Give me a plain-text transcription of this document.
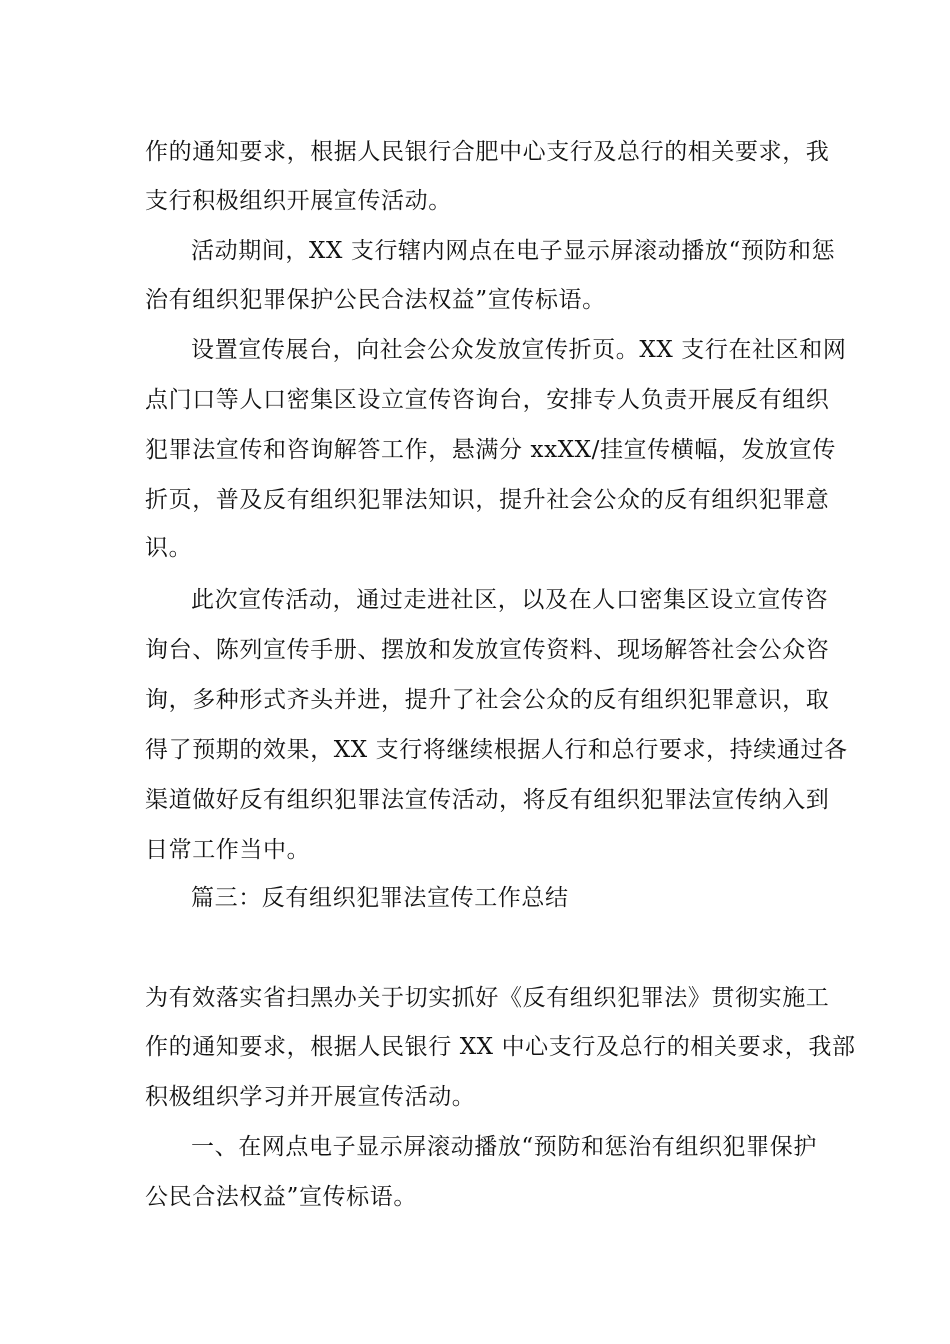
作的通知要求，根据人民银行合肥中心支行及总行的相关要求，我
支行积极组织开展宣传活动。
活动期间，XX 支行辖内网点在电子显示屏滚动播放“预防和惩
治有组织犯罪保护公民合法权益”宣传标语。
设置宣传展台，向社会公众发放宣传折页。XX 支行在社区和网
点门口等人口密集区设立宣传咨询台，安排专人负责开展反有组织
犯罪法宣传和咨询解答工作，悬满分 xxXX/挂宣传横幅，发放宣传
折页，普及反有组织犯罪法知识，提升社会公众的反有组织犯罪意
识。
此次宣传活动，通过走进社区，以及在人口密集区设立宣传咨
询台、陈列宣传手册、摆放和发放宣传资料、现场解答社会公众咨
询，多种形式齐头并进，提升了社会公众的反有组织犯罪意识，取
得了预期的效果，XX 支行将继续根据人行和总行要求，持续通过各
渠道做好反有组织犯罪法宣传活动，将反有组织犯罪法宣传纳入到
日常工作当中。
篇三：反有组织犯罪法宣传工作总结
为有效落实省扫黑办关于切实抓好《反有组织犯罪法》贯彻实施工
作的通知要求，根据人民银行 XX 中心支行及总行的相关要求，我部
积极组织学习并开展宣传活动。
一、在网点电子显示屏滚动播放“预防和惩治有组织犯罪保护
公民合法权益”宣传标语。
